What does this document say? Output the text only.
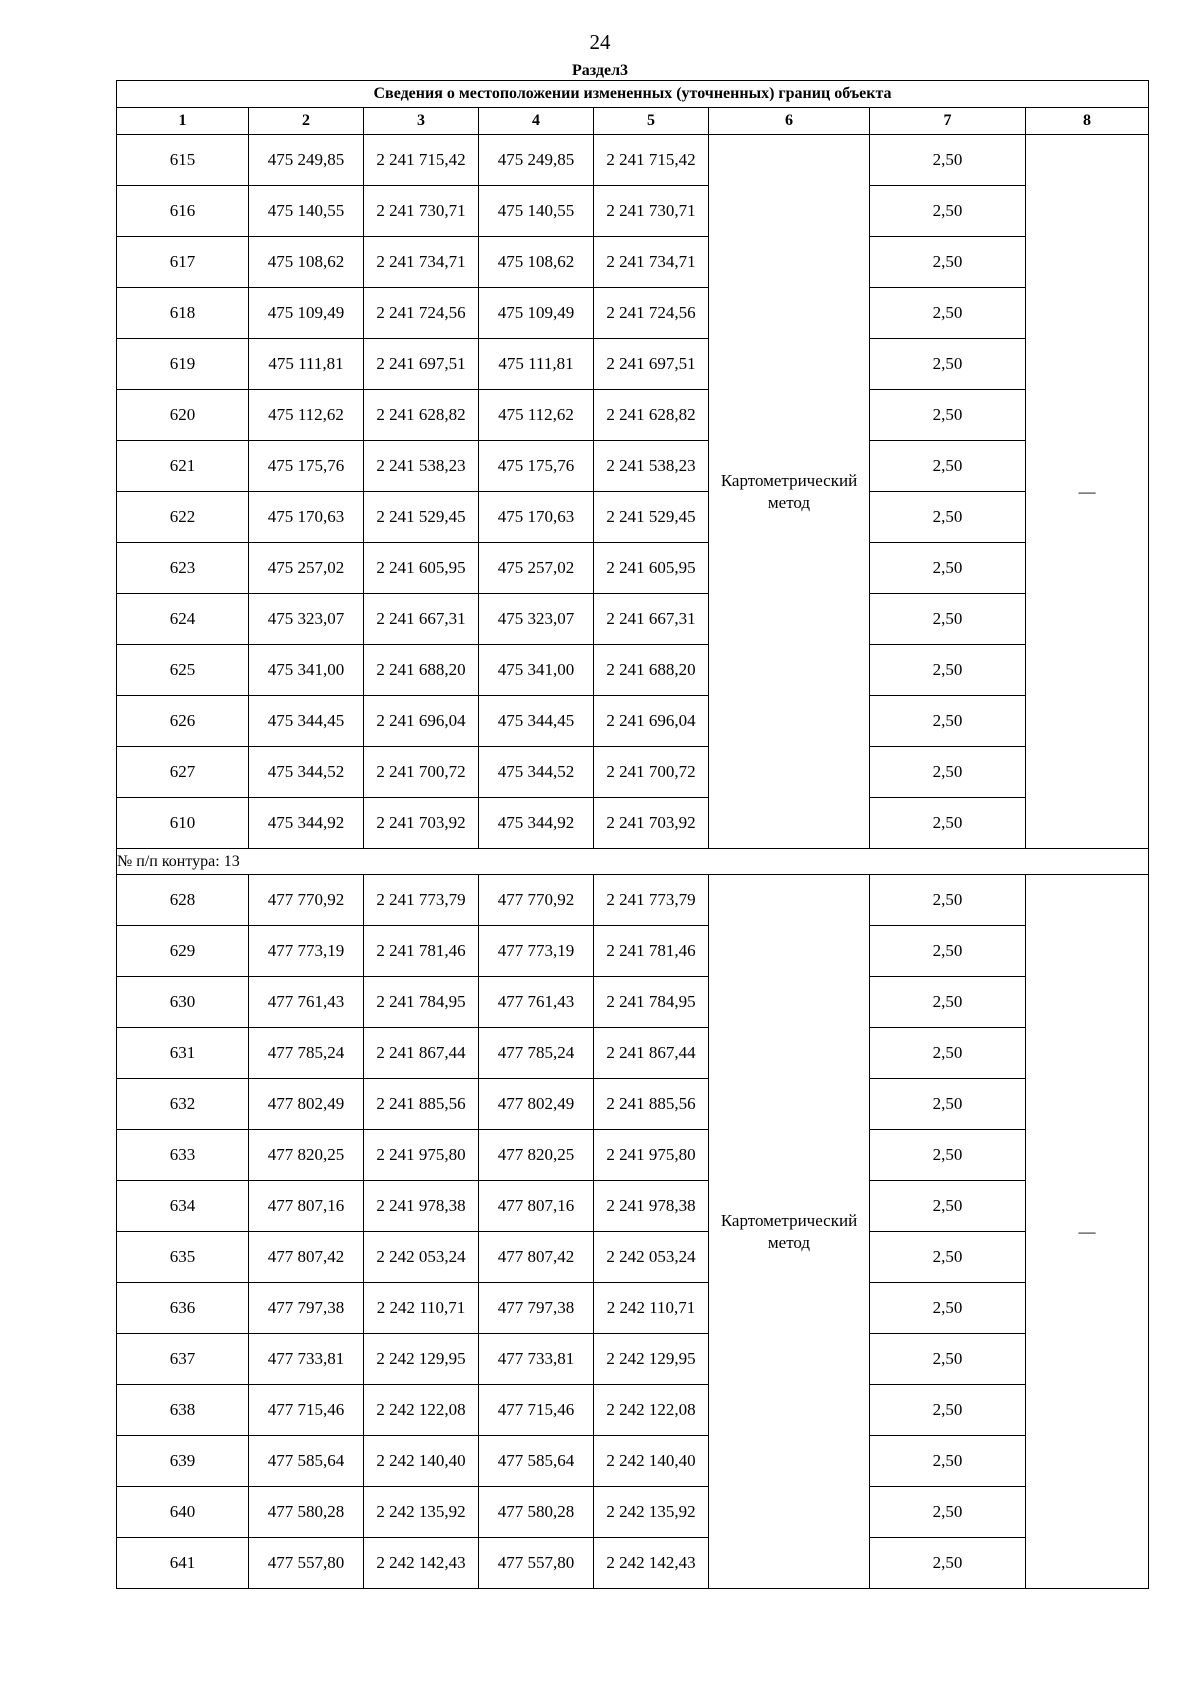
24
Раздел3
Сведения о местоположении измененных (уточненных) границ объекта							
1	2	3	4	5	6	7	8
615	475 249,85	2 241 715,42	475 249,85	2 241 715,42	Картометрический метод	2,50	—
616	475 140,55	2 241 730,71	475 140,55	2 241 730,71		2,50	
617	475 108,62	2 241 734,71	475 108,62	2 241 734,71		2,50	
618	475 109,49	2 241 724,56	475 109,49	2 241 724,56		2,50	
619	475 111,81	2 241 697,51	475 111,81	2 241 697,51		2,50	
620	475 112,62	2 241 628,82	475 112,62	2 241 628,82		2,50	
621	475 175,76	2 241 538,23	475 175,76	2 241 538,23		2,50	
622	475 170,63	2 241 529,45	475 170,63	2 241 529,45		2,50	
623	475 257,02	2 241 605,95	475 257,02	2 241 605,95		2,50	
624	475 323,07	2 241 667,31	475 323,07	2 241 667,31		2,50	
625	475 341,00	2 241 688,20	475 341,00	2 241 688,20		2,50	
626	475 344,45	2 241 696,04	475 344,45	2 241 696,04		2,50	
627	475 344,52	2 241 700,72	475 344,52	2 241 700,72		2,50	
610	475 344,92	2 241 703,92	475 344,92	2 241 703,92		2,50	
№ п/п контура: 13							
628	477 770,92	2 241 773,79	477 770,92	2 241 773,79	Картометрический метод	2,50	—
629	477 773,19	2 241 781,46	477 773,19	2 241 781,46		2,50	
630	477 761,43	2 241 784,95	477 761,43	2 241 784,95		2,50	
631	477 785,24	2 241 867,44	477 785,24	2 241 867,44		2,50	
632	477 802,49	2 241 885,56	477 802,49	2 241 885,56		2,50	
633	477 820,25	2 241 975,80	477 820,25	2 241 975,80		2,50	
634	477 807,16	2 241 978,38	477 807,16	2 241 978,38		2,50	
635	477 807,42	2 242 053,24	477 807,42	2 242 053,24		2,50	
636	477 797,38	2 242 110,71	477 797,38	2 242 110,71		2,50	
637	477 733,81	2 242 129,95	477 733,81	2 242 129,95		2,50	
638	477 715,46	2 242 122,08	477 715,46	2 242 122,08		2,50	
639	477 585,64	2 242 140,40	477 585,64	2 242 140,40		2,50	
640	477 580,28	2 242 135,92	477 580,28	2 242 135,92		2,50	
641	477 557,80	2 242 142,43	477 557,80	2 242 142,43		2,50	
